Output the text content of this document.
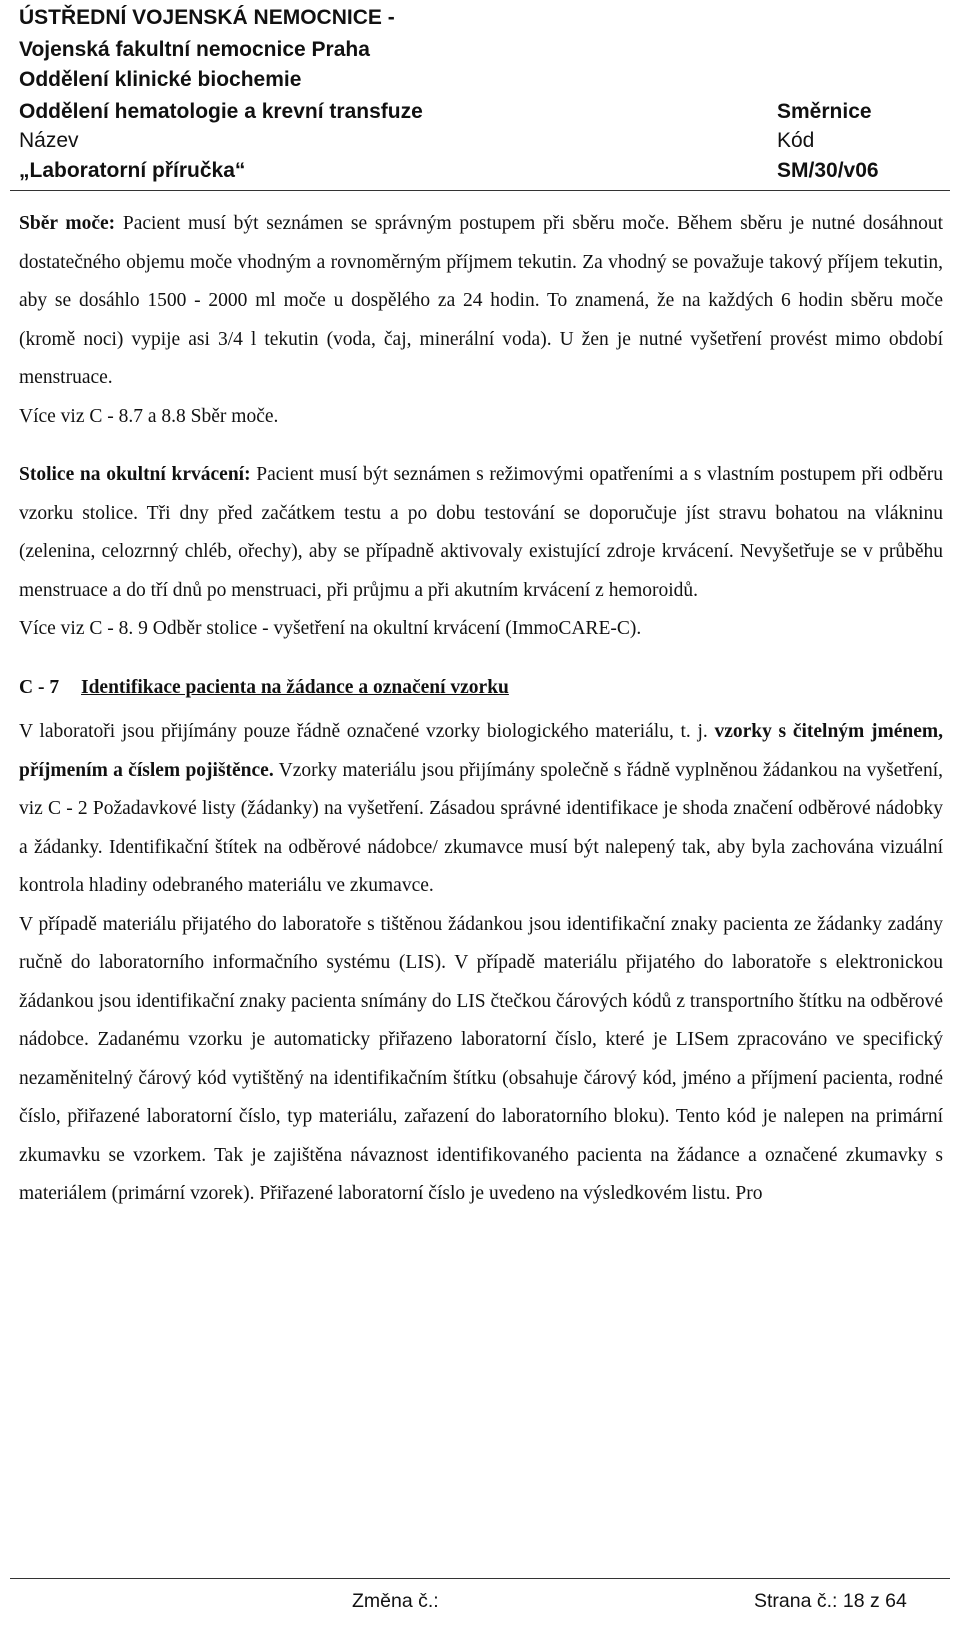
ÚSTŘEDNÍ VOJENSKÁ NEMOCNICE -
Vojenská fakultní nemocnice Praha
Oddělení klinické biochemie
Oddělení hematologie a krevní transfuze	Směrnice
Název	Kód
„Laboratorní příručka“	SM/30/v06

Sběr moče: Pacient musí být seznámen se správným postupem při sběru moče. Během sběru je nutné dosáhnout dostatečného objemu moče vhodným a rovnoměrným příjmem tekutin. Za vhodný se považuje takový příjem tekutin, aby se dosáhlo 1500 - 2000 ml moče u dospělého za 24 hodin. To znamená, že na každých 6 hodin sběru moče (kromě noci) vypije asi 3/4 l tekutin (voda, čaj, minerální voda). U žen je nutné vyšetření provést mimo období menstruace.

Více viz C - 8.7 a 8.8 Sběr moče.

Stolice na okultní krvácení: Pacient musí být seznámen s režimovými opatřeními a s vlastním postupem při odběru vzorku stolice. Tři dny před začátkem testu a po dobu testování se doporučuje jíst stravu bohatou na vlákninu (zelenina, celozrnný chléb, ořechy), aby se případně aktivovaly existující zdroje krvácení. Nevyšetřuje se v průběhu menstruace a do tří dnů po menstruaci, při průjmu a při akutním krvácení z hemoroidů.

Více viz C - 8. 9 Odběr stolice - vyšetření na okultní krvácení (ImmoCARE-C).

C - 7 Identifikace pacienta na žádance a označení vzorku

V laboratoři jsou přijímány pouze řádně označené vzorky biologického materiálu, t. j. vzorky s čitelným jménem, příjmením a číslem pojištěnce. Vzorky materiálu jsou přijímány společně s řádně vyplněnou žádankou na vyšetření, viz C - 2 Požadavkové listy (žádanky) na vyšetření. Zásadou správné identifikace je shoda značení odběrové nádobky a žádanky. Identifikační štítek na odběrové nádobce/ zkumavce musí být nalepený tak, aby byla zachována vizuální kontrola hladiny odebraného materiálu ve zkumavce.

V případě materiálu přijatého do laboratoře s tištěnou žádankou jsou identifikační znaky pacienta ze žádanky zadány ručně do laboratorního informačního systému (LIS). V případě materiálu přijatého do laboratoře s elektronickou žádankou jsou identifikační znaky pacienta snímány do LIS čtečkou čárových kódů z transportního štítku na odběrové nádobce. Zadanému vzorku je automaticky přiřazeno laboratorní číslo, které je LISem zpracováno ve specifický nezaměnitelný čárový kód vytištěný na identifikačním štítku (obsahuje čárový kód, jméno a příjmení pacienta, rodné číslo, přiřazené laboratorní číslo, typ materiálu, zařazení do laboratorního bloku). Tento kód je nalepen na primární zkumavku se vzorkem. Tak je zajištěna návaznost identifikovaného pacienta na žádance a označené zkumavky s materiálem (primární vzorek). Přiřazené laboratorní číslo je uvedeno na výsledkovém listu. Pro

Změna č.:	Strana č.: 18 z 64
